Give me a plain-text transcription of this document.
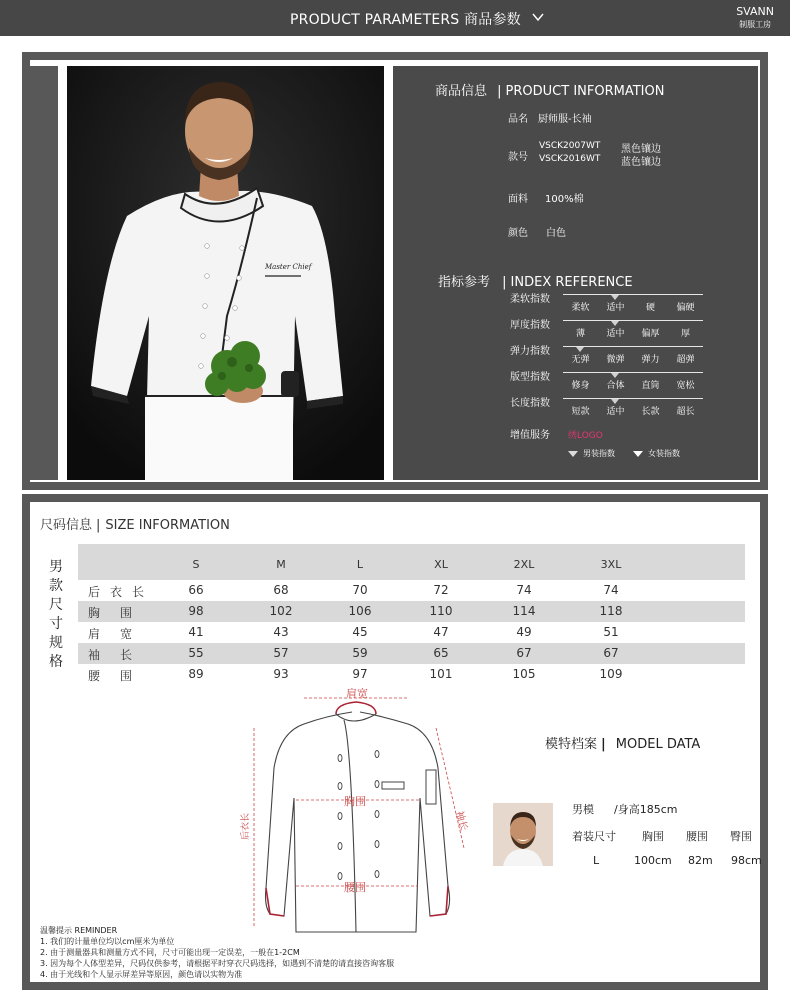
PRODUCT PARAMETERS 商品参数
SVANN
制服工房
Master Chief
商品信息 | PRODUCT INFORMATION
品名 厨师服-长袖
款号
VSCK2007WT 黑色镶边
VSCK2016WT 蓝色镶边
面料 100%棉
颜色 白色
指标参考 | INDEX REFERENCE
柔软指数
柔软	适中	硬	偏硬
厚度指数
薄	适中	偏厚	厚
弹力指数
无弹	微弹	弹力	超弹
版型指数
修身	合体	直筒	宽松
长度指数
短款	适中	长款	超长
增值服务 绣LOGO
男装指数	女装指数
尺码信息 | SIZE INFORMATION
男款尺寸规格
S	M	L	XL	2XL	3XL
后衣长	66	68	70	72	74	74
胸围	98	102	106	110	114	118
肩宽	41	43	45	47	49	51
袖长	55	57	59	65	67	67
腰围	89	93	97	101	105	109
肩宽
胸围
腰围
后衣长	袖长
模特档案 | MODEL DATA
男模 /身高185cm
着装尺寸 胸围 腰围 臀围
L	100cm 82m 98cm
温馨提示 REMINDER
1. 我们的计量单位均以cm厘米为单位
2. 由于测量器具和测量方式不同，尺寸可能出现一定误差，一般在1-2CM
3. 因为每个人体型差异，尺码仅供参考，请根据平时穿衣尺码选择，如遇到不清楚的请直接咨询客服
4. 由于光线和个人显示屏差异等原因，颜色请以实物为准
